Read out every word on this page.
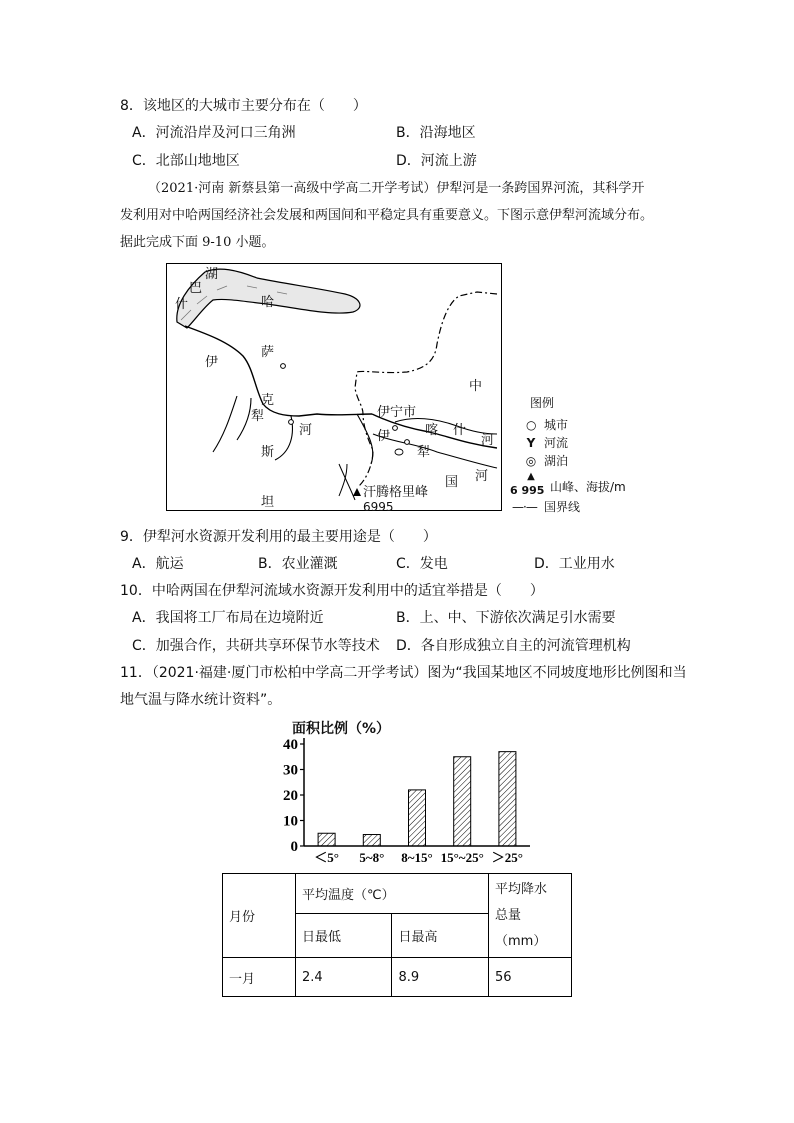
8．该地区的大城市主要分布在（　　）
A．河流沿岸及河口三角洲	B．沿海地区
C．北部山地地区	D．河流上游
（2021·河南 新蔡县第一高级中学高二开学考试）伊犁河是一条跨国界河流，其科学开
发利用对中哈两国经济社会发展和两国间和平稳定具有重要意义。下图示意伊犁河流域分布。
据此完成下面 9-10 小题。
湖
巴
什	哈
萨
伊
克
犁
河
斯
坦
中
伊宁市
伊	喀 什
河
犁
国 河
汗腾格里峰
6995
图例
○ 城市
Y 河流
◎ 湖泊
▲
6 995 山峰、海拔/m
—·— 国界线
9．伊犁河水资源开发利用的最主要用途是（　　）
A．航运	B．农业灌溉	C．发电	D．工业用水
10．中哈两国在伊犁河流域水资源开发利用中的适宜举措是（　　）
A．我国将工厂布局在边境附近	B．上、中、下游依次满足引水需要
C．加强合作，共研共享环保节水等技术 D．各自形成独立自主的河流管理机构
11．（2021·福建·厦门市松柏中学高二开学考试）图为“我国某地区不同坡度地形比例图和当
地气温与降水统计资料”。
面积比例（%）
0
10
20
30
40
＜5° 5~8° 8~15° 15°~25° ＞25°
月份	平均温度（℃）		平均降水
总量（mm）
	日最低	日最高	
一月	2.4	8.9	56
